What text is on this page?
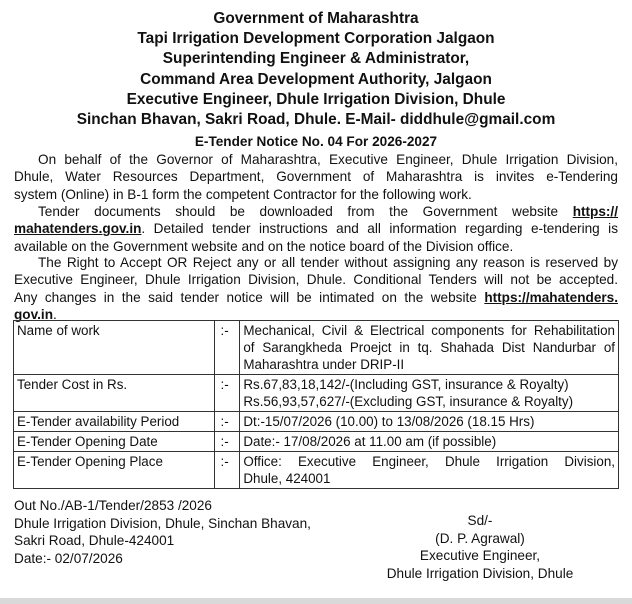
Government of Maharashtra
Tapi Irrigation Development Corporation Jalgaon
Superintending Engineer & Administrator,
Command Area Development Authority, Jalgaon
Executive Engineer, Dhule Irrigation Division, Dhule
Sinchan Bhavan, Sakri Road, Dhule. E-Mail- diddhule@gmail.com
E-Tender Notice No. 04 For 2026-2027
On behalf of the Governor of Maharashtra, Executive Engineer, Dhule Irrigation Division,
Dhule, Water Resources Department, Government of Maharashtra is invites e-Tendering
system (Online) in B-1 form the competent Contractor for the following work.
Tender documents should be downloaded from the Government website https://
mahatenders.gov.in. Detailed tender instructions and all information regarding e-tendering is
available on the Government website and on the notice board of the Division office.
The Right to Accept OR Reject any or all tender without assigning any reason is reserved by
Executive Engineer, Dhule Irrigation Division, Dhule. Conditional Tenders will not be accepted.
Any changes in the said tender notice will be intimated on the website https://mahatenders.
gov.in.
Name of work	:-	Mechanical, Civil & Electrical components for Rehabilitation
of Sarangkheda Proejct in tq. Shahada Dist Nandurbar of
Maharashtra under DRIP-II

Tender Cost in Rs.	:-	Rs.67,83,18,142/-(Including GST, insurance & Royalty)
Rs.56,93,57,627/-(Excluding GST, insurance & Royalty)

E-Tender availability Period	:-	Dt:-15/07/2026 (10.00) to 13/08/2026 (18.15 Hrs)

E-Tender Opening Date	:-	Date:- 17/08/2026 at 11.00 am (if possible)

E-Tender Opening Place	:-	Office: Executive Engineer, Dhule Irrigation Division,
Dhule, 424001
Out No./AB-1/Tender/2853 /2026
Dhule Irrigation Division, Dhule, Sinchan Bhavan,
Sakri Road, Dhule-424001
Date:- 02/07/2026
Sd/-
(D. P. Agrawal)
Executive Engineer,
Dhule Irrigation Division, Dhule
